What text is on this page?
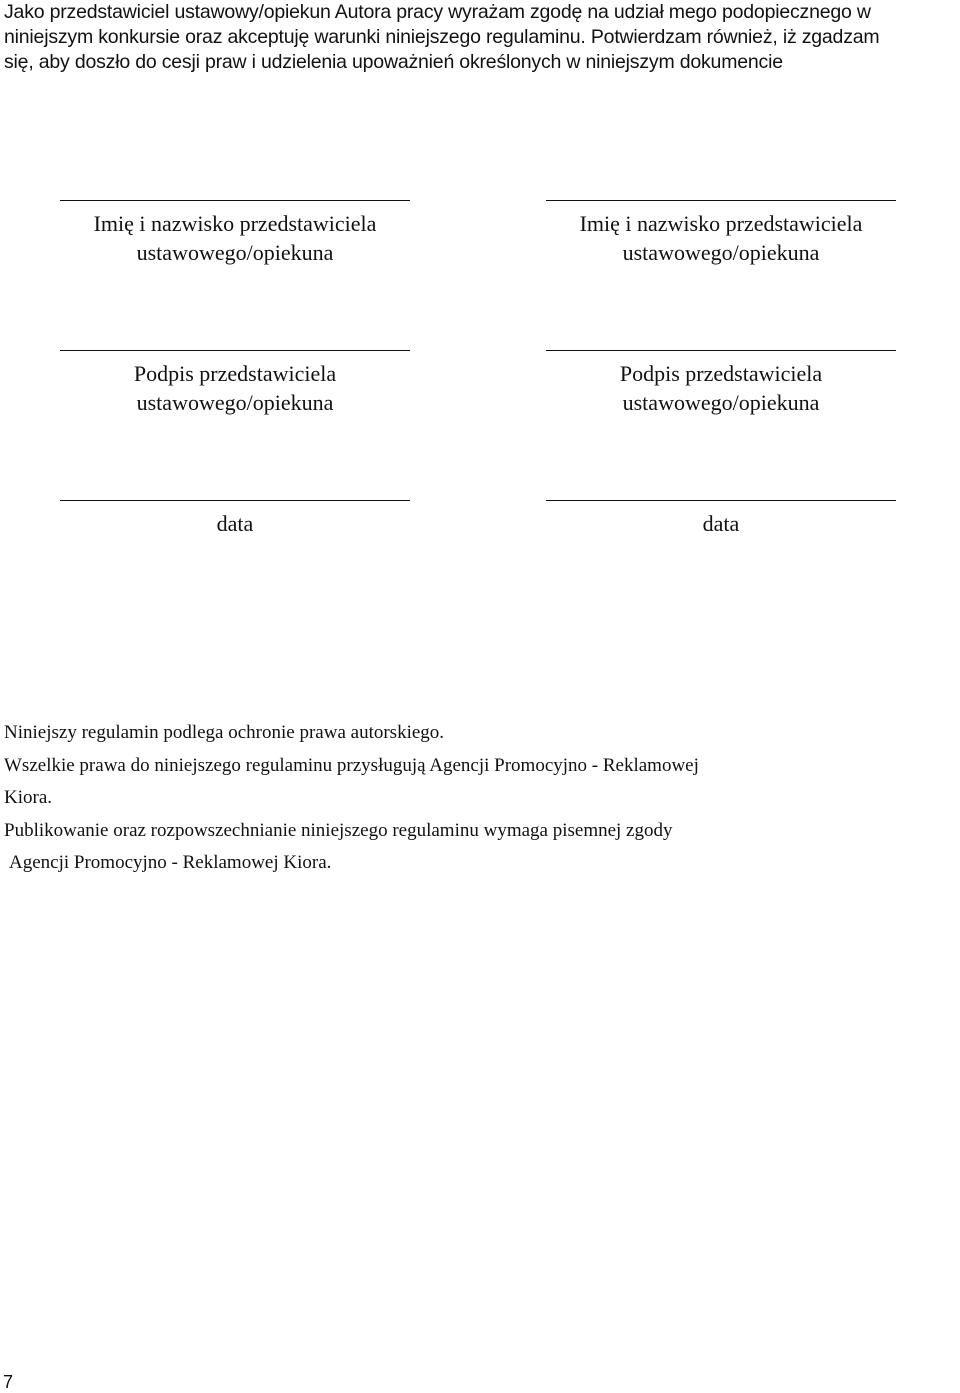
Jako przedstawiciel ustawowy/opiekun Autora pracy wyrażam zgodę na udział mego podopiecznego w

niniejszym konkursie oraz akceptuję warunki niniejszego regulaminu. Potwierdzam również, iż zgadzam

się, aby doszło do cesji praw i udzielenia upoważnień określonych w niniejszym dokumencie

Imię i nazwisko przedstawiciela
ustawowego/opiekuna
Podpis przedstawiciela
ustawowego/opiekuna
data
Imię i nazwisko przedstawiciela
ustawowego/opiekuna
Podpis przedstawiciela
ustawowego/opiekuna
data

Niniejszy regulamin podlega ochronie prawa autorskiego.

Wszelkie prawa do niniejszego regulaminu przysługują Agencji Promocyjno - Reklamowej

Kiora.

Publikowanie oraz rozpowszechnianie niniejszego regulaminu wymaga pisemnej zgody

Agencji Promocyjno - Reklamowej Kiora.

7
